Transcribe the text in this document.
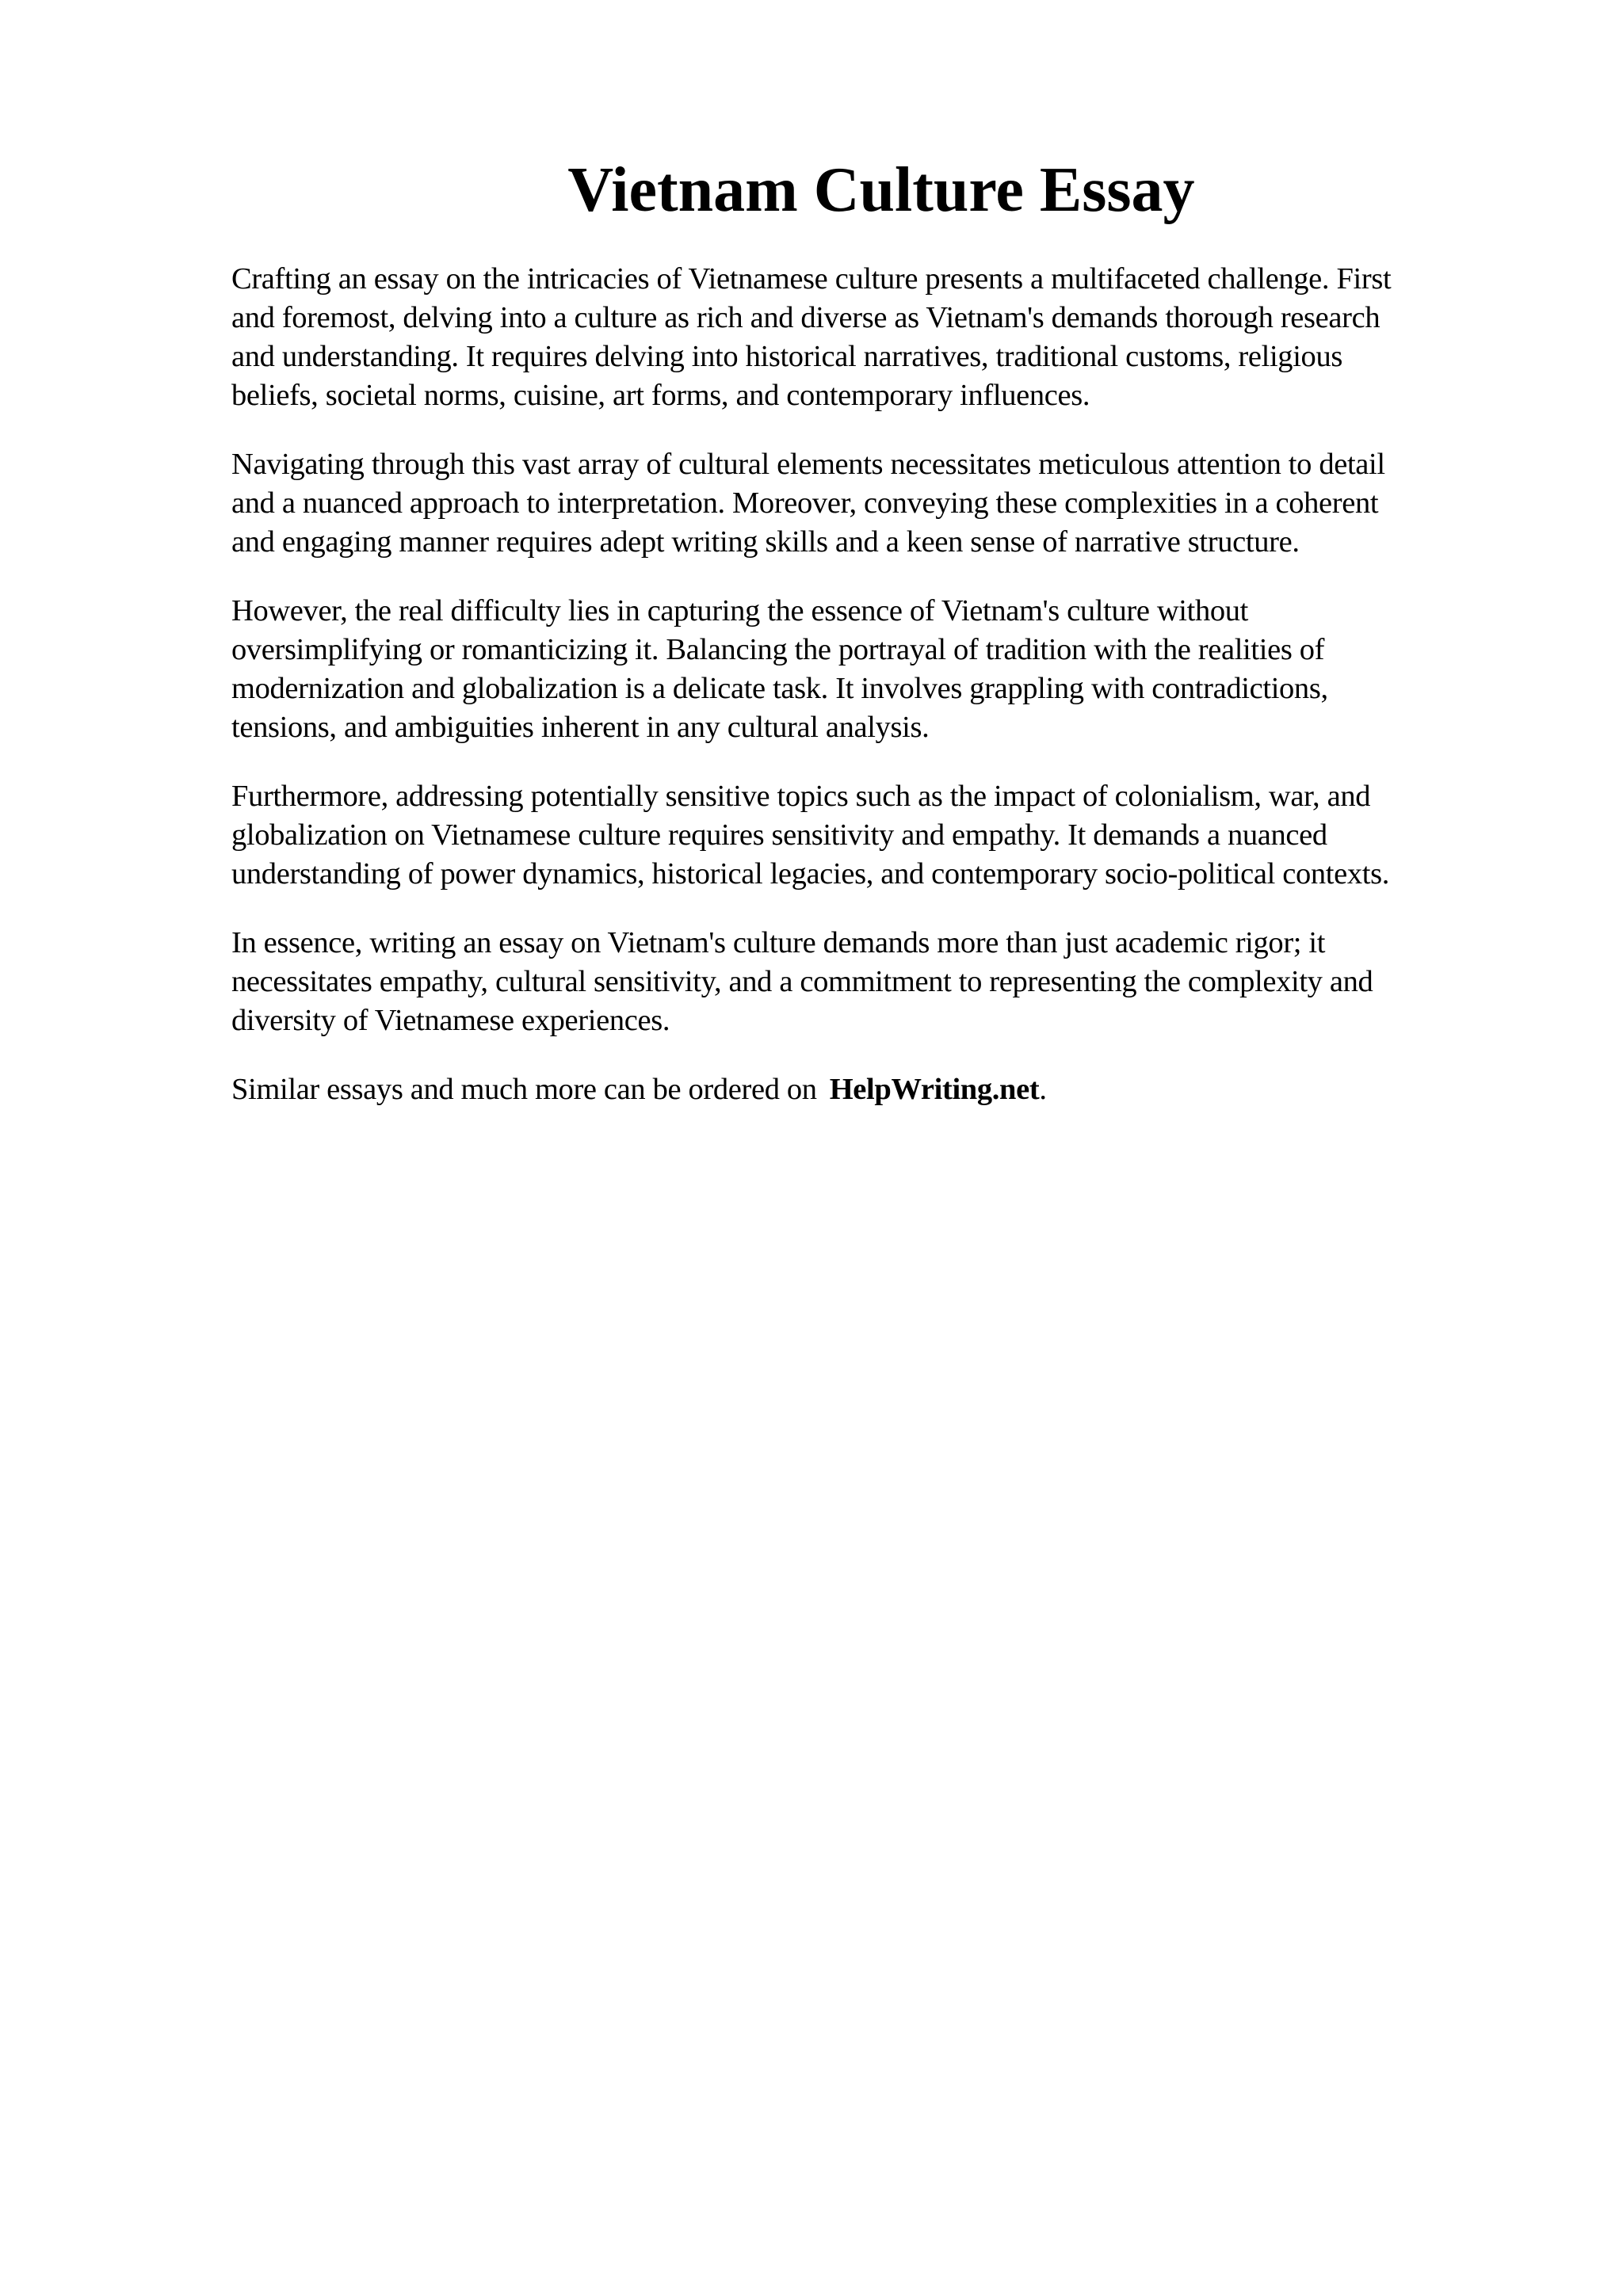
Vietnam Culture Essay

Crafting an essay on the intricacies of Vietnamese culture presents a multifaceted challenge. First
and foremost, delving into a culture as rich and diverse as Vietnam's demands thorough research
and understanding. It requires delving into historical narratives, traditional customs, religious
beliefs, societal norms, cuisine, art forms, and contemporary influences.

Navigating through this vast array of cultural elements necessitates meticulous attention to detail
and a nuanced approach to interpretation. Moreover, conveying these complexities in a coherent
and engaging manner requires adept writing skills and a keen sense of narrative structure.

However, the real difficulty lies in capturing the essence of Vietnam's culture without
oversimplifying or romanticizing it. Balancing the portrayal of tradition with the realities of
modernization and globalization is a delicate task. It involves grappling with contradictions,
tensions, and ambiguities inherent in any cultural analysis.

Furthermore, addressing potentially sensitive topics such as the impact of colonialism, war, and
globalization on Vietnamese culture requires sensitivity and empathy. It demands a nuanced
understanding of power dynamics, historical legacies, and contemporary socio-political contexts.

In essence, writing an essay on Vietnam's culture demands more than just academic rigor; it
necessitates empathy, cultural sensitivity, and a commitment to representing the complexity and
diversity of Vietnamese experiences.

Similar essays and much more can be ordered on HelpWriting.net.
